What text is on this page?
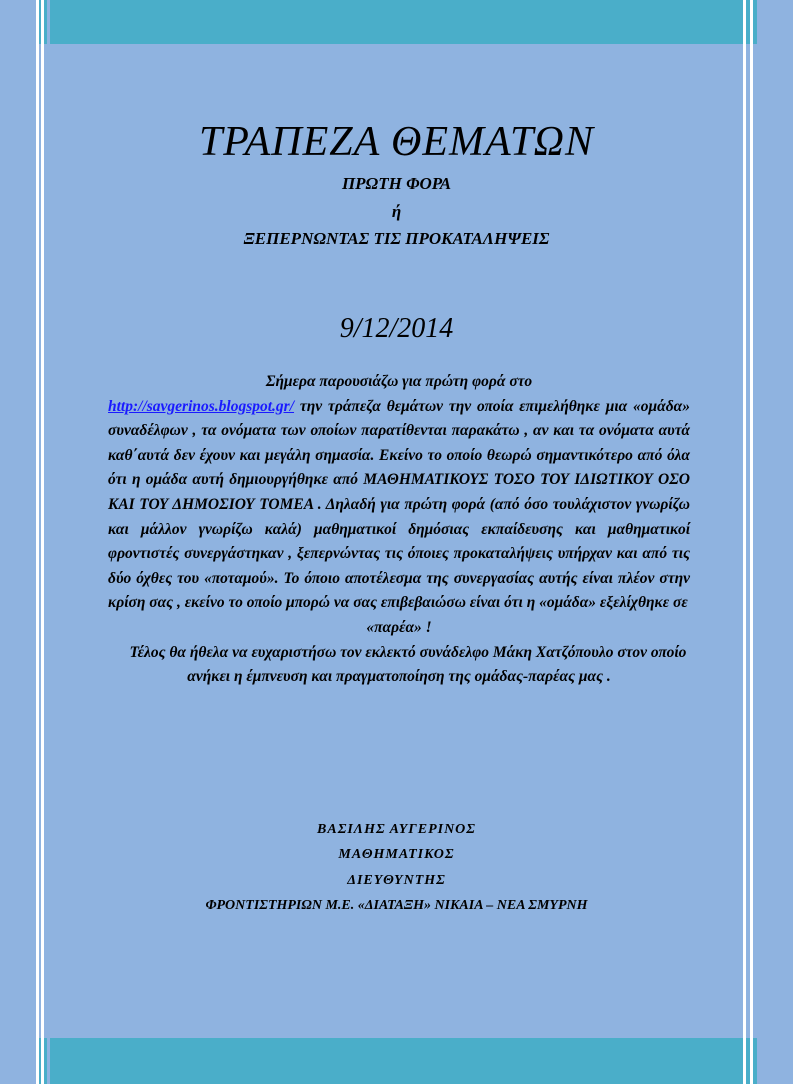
ΤΡΑΠΕΖΑ ΘΕΜΑΤΩΝ
ΠΡΩΤΗ ΦΟΡΑ
ή
ΞΕΠΕΡΝΩΝΤΑΣ ΤΙΣ ΠΡΟΚΑΤΑΛΗΨΕΙΣ
9/12/2014

Σήμερα παρουσιάζω για πρώτη φορά στο

http://savgerinos.blogspot.gr/ την τράπεζα θεμάτων την οποία επιμελήθηκε μια «ομάδα» συναδέλφων , τα ονόματα των οποίων παρατίθενται παρακάτω , αν και τα ονόματα αυτά καθ΄αυτά δεν έχουν και μεγάλη σημασία. Εκείνο το οποίο θεωρώ σημαντικότερο από όλα ότι η ομάδα αυτή δημιουργήθηκε από ΜΑΘΗΜΑΤΙΚΟΥΣ ΤΟΣΟ ΤΟΥ ΙΔΙΩΤΙΚΟΥ ΟΣΟ ΚΑΙ ΤΟΥ ΔΗΜΟΣΙΟΥ ΤΟΜΕΑ . Δηλαδή για πρώτη φορά (από όσο τουλάχιστον γνωρίζω και μάλλον γνωρίζω καλά) μαθηματικοί δημόσιας εκπαίδευσης και μαθηματικοί φροντιστές συνεργάστηκαν , ξεπερνώντας τις όποιες προκαταλήψεις υπήρχαν και από τις δύο όχθες του «ποταμού». Το όποιο αποτέλεσμα της συνεργασίας αυτής είναι πλέον στην κρίση σας , εκείνο το οποίο μπορώ να σας επιβεβαιώσω είναι ότι η «ομάδα» εξελίχθηκε σε

«παρέα» !

Τέλος θα ήθελα να ευχαριστήσω τον εκλεκτό συνάδελφο Μάκη Χατζόπουλο στον οποίο ανήκει η έμπνευση και πραγματοποίηση της ομάδας-παρέας μας .

ΒΑΣΙΛΗΣ ΑΥΓΕΡΙΝΟΣ
ΜΑΘΗΜΑΤΙΚΟΣ
ΔΙΕΥΘΥΝΤΗΣ
ΦΡΟΝΤΙΣΤΗΡΙΩΝ Μ.Ε. «ΔΙΑΤΑΞΗ» ΝΙΚΑΙΑ – ΝΕΑ ΣΜΥΡΝΗ
